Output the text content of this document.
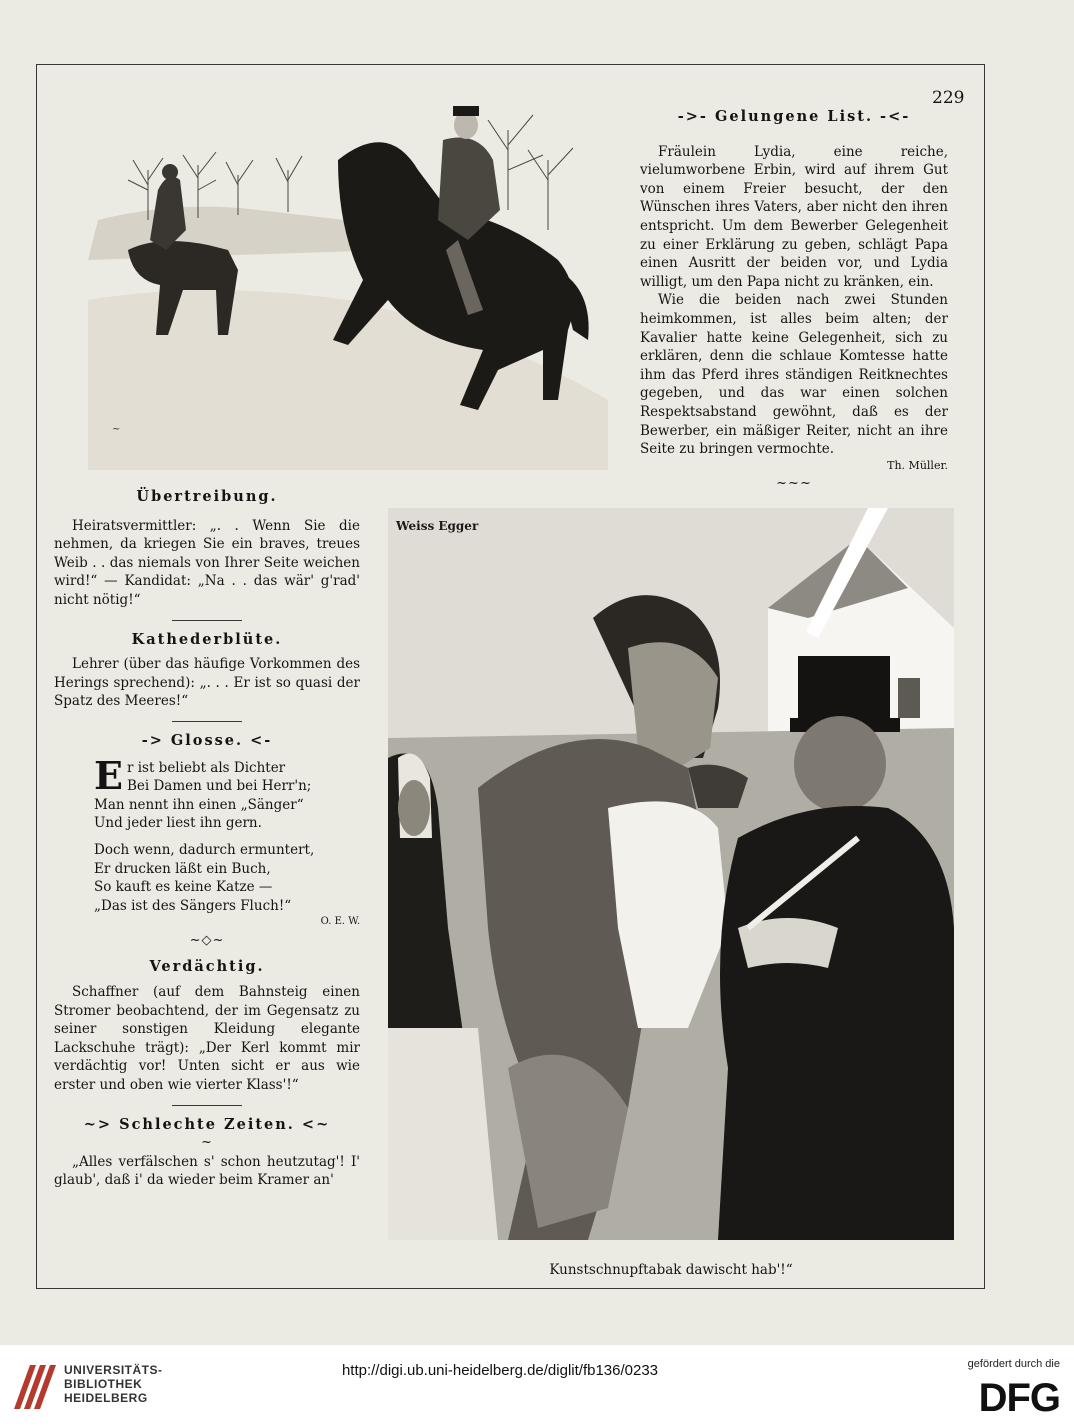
229
~
->- Gelungene List. -<-

Fräulein Lydia, eine reiche, vielumworbene Erbin, wird auf ihrem Gut von einem Freier besucht, der den Wünschen ihres Vaters, aber nicht den ihren entspricht. Um dem Bewerber Gelegenheit zu einer Erklärung zu geben, schlägt Papa einen Ausritt der beiden vor, und Lydia willigt, um den Papa nicht zu kränken, ein.

Wie die beiden nach zwei Stunden heimkommen, ist alles beim alten; der Kavalier hatte keine Gelegenheit, sich zu erklären, denn die schlaue Komtesse hatte ihm das Pferd ihres ständigen Reitknechtes gegeben, und das war einen solchen Respektsabstand gewöhnt, daß es der Bewerber, ein mäßiger Reiter, nicht an ihre Seite zu bringen vermochte.

Th. Müller.
~~~
Übertreibung.

Heiratsvermittler: „. . Wenn Sie die nehmen, da kriegen Sie ein braves, treues Weib . . das niemals von Ihrer Seite weichen wird!“ — Kandidat: „Na . . das wär' g'rad' nicht nötig!“

Kathederblüte.

Lehrer (über das häufige Vorkommen des Herings sprechend): „. . . Er ist so quasi der Spatz des Meeres!“

-> Glosse. <-
E r ist beliebt als Dichter

Bei Damen und bei Herr'n;

Man nennt ihn einen „Sänger“

Und jeder liest ihn gern.

Doch wenn, dadurch ermuntert,

Er drucken läßt ein Buch,

So kauft es keine Katze —

„Das ist des Sängers Fluch!“

O. E. W.
~◇~
Verdächtig.

Schaffner (auf dem Bahnsteig einen Stromer beobachtend, der im Gegensatz zu seiner sonstigen Kleidung elegante Lackschuhe trägt): „Der Kerl kommt mir verdächtig vor! Unten sicht er aus wie erster und oben wie vierter Klass'!“

~> Schlechte Zeiten. <~
~

„Alles verfälschen s' schon heutzutag'! I' glaub', daß i' da wieder beim Kramer an'

Weiss Egger
Kunstschnupftabak dawischt hab'!“
UNIVERSITÄTS-
BIBLIOTHEK
HEIDELBERG
http://digi.ub.uni-heidelberg.de/diglit/fb136/0233	gefördert durch die
DFG
